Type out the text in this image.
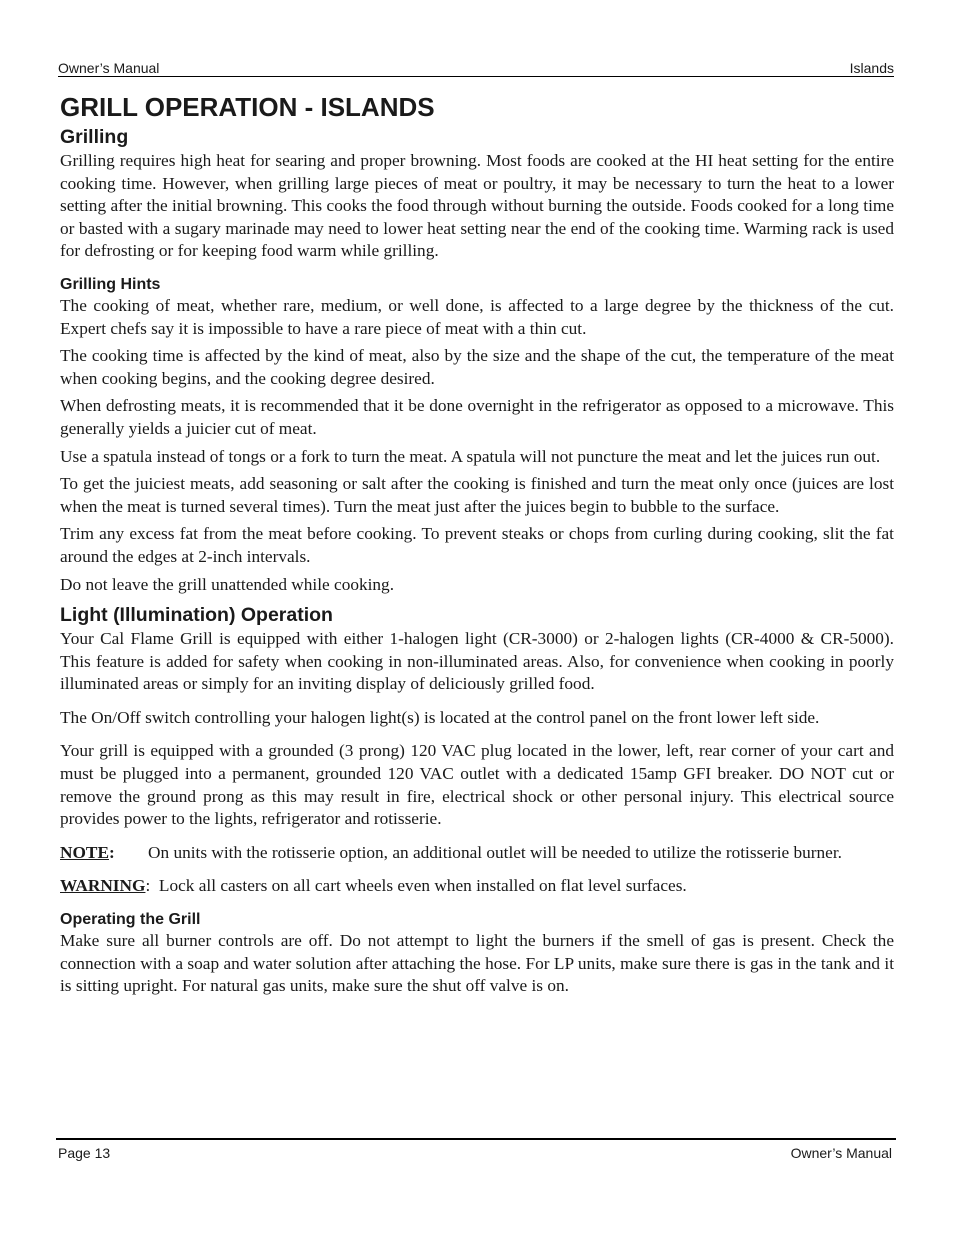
Owner’s Manual	Islands
GRILL OPERATION - ISLANDS
Grilling

Grilling requires high heat for searing and proper browning. Most foods are cooked at the HI heat setting for the entire cooking time. However, when grilling large pieces of meat or poultry, it may be necessary to turn the heat to a lower setting after the initial browning. This cooks the food through without burning the outside. Foods cooked for a long time or basted with a sugary marinade may need to lower heat setting near the end of the cooking time. Warming rack is used for defrosting or for keeping food warm while grilling.

Grilling Hints

The cooking of meat, whether rare, medium, or well done, is affected to a large degree by the thickness of the cut. Expert chefs say it is impossible to have a rare piece of meat with a thin cut.

The cooking time is affected by the kind of meat, also by the size and the shape of the cut, the temperature of the meat when cooking begins, and the cooking degree desired.

When defrosting meats, it is recommended that it be done overnight in the refrigerator as opposed to a microwave. This generally yields a juicier cut of meat.

Use a spatula instead of tongs or a fork to turn the meat. A spatula will not puncture the meat and let the juices run out.

To get the juiciest meats, add seasoning or salt after the cooking is finished and turn the meat only once (juices are lost when the meat is turned several times). Turn the meat just after the juices begin to bubble to the surface.

Trim any excess fat from the meat before cooking. To prevent steaks or chops from curling during cooking, slit the fat around the edges at 2-inch intervals.

Do not leave the grill unattended while cooking.

Light (Illumination) Operation

Your Cal Flame Grill is equipped with either 1-halogen light (CR-3000) or 2-halogen lights (CR-4000 & CR-5000). This feature is added for safety when cooking in non-illuminated areas. Also, for convenience when cooking in poorly illuminated areas or simply for an inviting display of deliciously grilled food.

The On/Off switch controlling your halogen light(s) is located at the control panel on the front lower left side.

Your grill is equipped with a grounded (3 prong) 120 VAC plug located in the lower, left, rear corner of your cart and must be plugged into a permanent, grounded 120 VAC outlet with a dedicated 15amp GFI breaker. DO NOT cut or remove the ground prong as this may result in fire, electrical shock or other personal injury. This electrical source provides power to the lights, refrigerator and rotisserie.

NOTE:	On units with the rotisserie option, an additional outlet will be needed to utilize the rotisserie burner.

WARNING:  Lock all casters on all cart wheels even when installed on flat level surfaces.

Operating the Grill

Make sure all burner controls are off. Do not attempt to light the burners if the smell of gas is present. Check the connection with a soap and water solution after attaching the hose. For LP units, make sure there is gas in the tank and it is sitting upright. For natural gas units, make sure the shut off valve is on.

Page 13	Owner’s Manual
